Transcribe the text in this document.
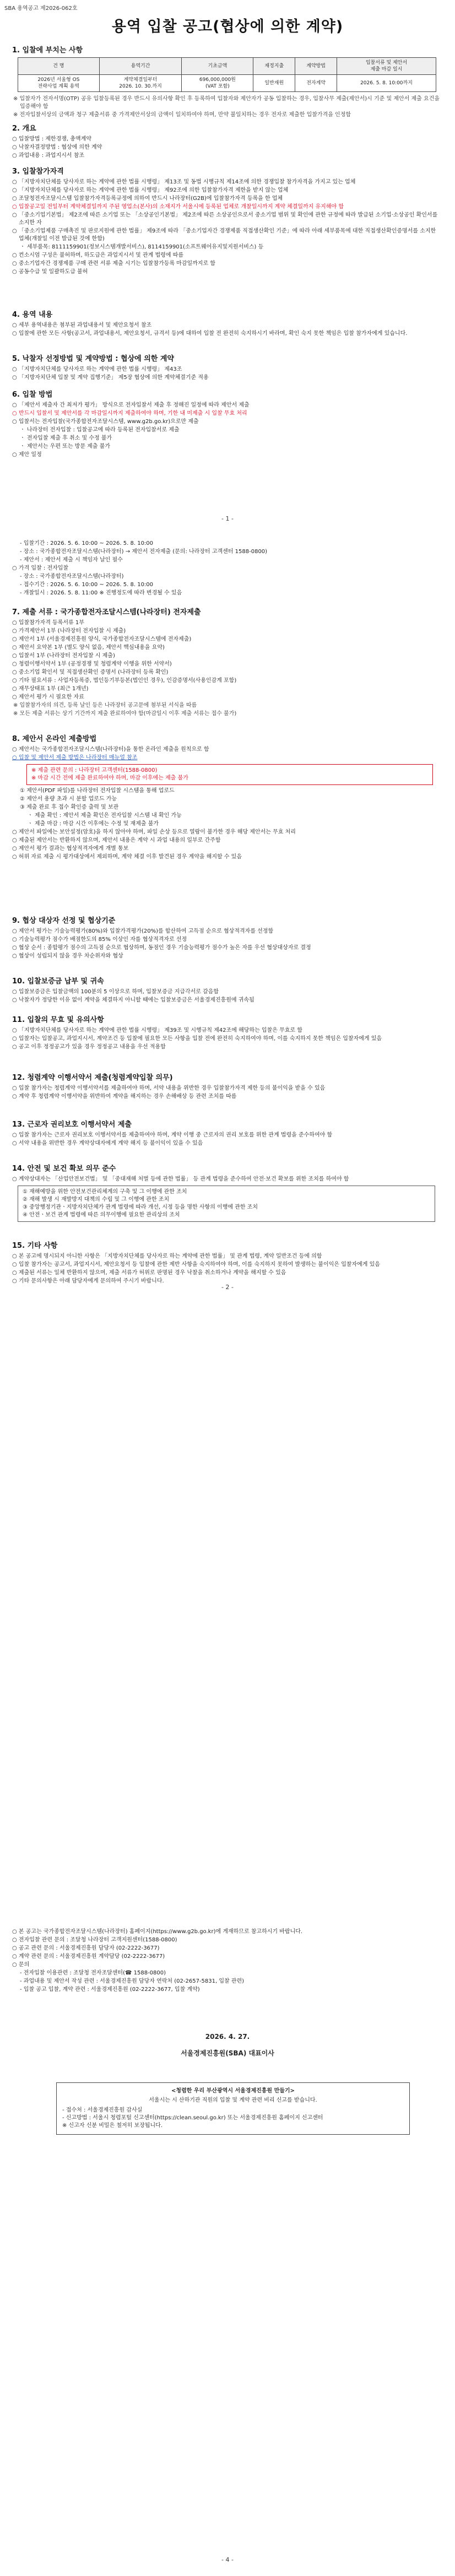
SBA 용역공고 제2026-062호
용역 입찰 공고(협상에 의한 계약)
1. 입찰에 부치는 사항
건 명	용역기간	기초금액	재정지출	계약방법	입찰서류 및 제안서
제출 마감 일시
2026년 서울형 OS
전략사업 계획 용역	계약체결일부터
2026. 10. 30.까지	696,000,000원
(VAT 포함)	일반재원	전자계약	2026. 5. 8. 10:00까지
※ 입찰자가 전자서명(OTP) 공유 입찰등록된 경우 반드시 유의사항 확인 후 등록하여 입찰자와 제안자가 공동 입찰하는 경우, 입찰사무 제출(제안서)시 기준 및 제안서 제출 요건을 입증해야 함
※ 전자입찰서상의 금액과 청구 제출서류 중 가격제안서상의 금액이 일치하여야 하며, 만약 불일치하는 경우 전자로 제출한 입찰가격을 인정함
2. 개요
○ 입찰방법 : 제한경쟁, 총액계약
○ 낙찰자결정방법 : 협상에 의한 계약
○ 과업내용 : 과업지시서 참조
3. 입찰참가자격
○ 「지방자치단체를 당사자로 하는 계약에 관한 법률 시행령」 제13조 및 동법 시행규칙 제14조에 의한 경쟁입찰 참가자격을 가지고 있는 업체
○ 「지방자치단체를 당사자로 하는 계약에 관한 법률 시행령」 제92조에 의한 입찰참가자격 제한을 받지 않는 업체
○ 조달청전자조달시스템 입찰참가자격등록규정에 의하여 반드시 나라장터(G2B)에 입찰참가자격 등록을 한 업체
○ 입찰공고일 전일부터 계약체결일까지 주된 영업소(본사)의 소재지가 서울시에 등록된 업체로 개찰일시까지 계약 체결일까지 유지해야 함
○ 「중소기업기본법」 제2조에 따른 소기업 또는 「소상공인기본법」 제2조에 따른 소상공인으로서 중소기업 범위 및 확인에 관한 규정에 따라 발급된 소기업·소상공인 확인서를 소지한 자
○ 「중소기업제품 구매촉진 및 판로지원에 관한 법률」 제9조에 따라 「중소기업자간 경쟁제품 직접생산확인 기준」에 따라 아래 세부품목에 대한 직접생산확인증명서를 소지한 업체(개찰일 이전 발급된 것에 한함)
ㆍ 세부품목: 8111159901(정보시스템개발서비스), 8114159901(소프트웨어유지및지원서비스) 등
○ 컨소시엄 구성은 불허하며, 하도급은 과업지시서 및 관계 법령에 따름
○ 중소기업자간 경쟁제품 구매 관련 서류 제출 시기는 입찰참가등록 마감일까지로 함
○ 공동수급 및 일괄하도급 불허
4. 용역 내용
○ 세부 용역내용은 첨부된 과업내용서 및 제안요청서 참조
○ 입찰에 관한 모든 사항(공고서, 과업내용서, 제안요청서, 규격서 등)에 대하여 입찰 전 완전히 숙지하시기 바라며, 확인 숙지 못한 책임은 입찰 참가자에게 있습니다.
5. 낙찰자 선정방법 및 계약방법 : 협상에 의한 계약
○ 「지방자치단체를 당사자로 하는 계약에 관한 법률 시행령」 제43조
○ 「지방자치단체 입찰 및 계약 집행기준」 제5장 협상에 의한 계약체결기준 적용
6. 입찰 방법
○ 「제안서 제출자 간 최저가 평가」 방식으로 전자입찰서 제출 후 정해진 일정에 따라 제안서 제출
○ 반드시 입찰서 및 제안서를 각 마감일시까지 제출하여야 하며, 기한 내 미제출 시 입찰 무효 처리
○ 입찰서는 전자입찰(국가종합전자조달시스템, www.g2b.go.kr)으로만 제출
ㆍ 나라장터 전자입찰 : 입찰공고에 따라 등록된 전자입찰서로 제출
ㆍ 전자입찰 제출 후 취소 및 수정 불가
ㆍ 제안서는 우편 또는 방문 제출 불가
○ 제안 일정
- 1 -
- 입찰기간 : 2026. 5. 6. 10:00 ~ 2026. 5. 8. 10:00
- 장소 : 국가종합전자조달시스템(나라장터) → 제안서 전자제출 (문의: 나라장터 고객센터 1588-0800)
- 제안서 : 제안서 제출 시 책임자 날인 필수
○ 가격 입찰 : 전자입찰
- 장소 : 국가종합전자조달시스템(나라장터)
- 접수기간 : 2026. 5. 6. 10:00 ~ 2026. 5. 8. 10:00
- 개찰일시 : 2026. 5. 8. 11:00 ※ 진행정도에 따라 변경될 수 있음
7. 제출 서류 : 국가종합전자조달시스템(나라장터) 전자제출
○ 입찰참가자격 등록서류 1부
○ 가격제안서 1부 (나라장터 전자입찰 시 제출)
○ 제안서 1부 (서울경제진흥원 양식, 국가종합전자조달시스템에 전자제출)
○ 제안서 요약본 1부 (별도 양식 없음, 제안서 핵심내용을 요약)
○ 입찰서 1부 (나라장터 전자입찰 시 제출)
○ 청렴이행서약서 1부 (공정경쟁 및 청렴계약 이행을 위한 서약서)
○ 중소기업 확인서 및 직접생산확인 증명서 (나라장터 등록 확인)
○ 기타 필요서류 : 사업자등록증, 법인등기부등본(법인인 경우), 인감증명서(사용인감계 포함)
○ 재무상태표 1부 (최근 1개년)
○ 제안서 평가 시 필요한 자료
※ 입찰참가자의 의견, 등록 날인 등은 나라장터 공고문에 첨부된 서식을 따름
※ 모든 제출 서류는 상기 기간까지 제출 완료하여야 함(마감일시 이후 제출 서류는 접수 불가)
8. 제안서 온라인 제출방법
○ 제안서는 국가종합전자조달시스템(나라장터)을 통한 온라인 제출을 원칙으로 함
○ 입찰 및 제안서 제출 방법은 나라장터 매뉴얼 참조
※ 제출 관련 문의 : 나라장터 고객센터(1588-0800)
※ 마감 시간 전에 제출 완료하여야 하며, 마감 이후에는 제출 불가
① 제안서(PDF 파일)를 나라장터 전자입찰 시스템을 통해 업로드
② 제안서 용량 초과 시 분할 업로드 가능
③ 제출 완료 후 접수 확인증 출력 및 보관
ㆍ 제출 확인 : 제안서 제출 확인은 전자입찰 시스템 내 확인 가능
ㆍ 제출 마감 : 마감 시간 이후에는 수정 및 재제출 불가
○ 제안서 파일에는 보안설정(암호)을 하지 않아야 하며, 파일 손상 등으로 열람이 불가한 경우 해당 제안서는 무효 처리
○ 제출된 제안서는 반환하지 않으며, 제안서 내용은 계약 시 과업 내용의 일부로 간주함
○ 제안서 평가 결과는 협상적격자에게 개별 통보
○ 허위 자료 제출 시 평가대상에서 제외하며, 계약 체결 이후 발견된 경우 계약을 해지할 수 있음
9. 협상 대상자 선정 및 협상기준
○ 제안서 평가는 기술능력평가(80%)와 입찰가격평가(20%)를 합산하여 고득점 순으로 협상적격자를 선정함
○ 기술능력평가 점수가 배점한도의 85% 이상인 자를 협상적격자로 선정
○ 협상 순서 : 종합평가 점수의 고득점 순으로 협상하며, 동점인 경우 기술능력평가 점수가 높은 자를 우선 협상대상자로 결정
○ 협상이 성립되지 않을 경우 차순위자와 협상
10. 입찰보증금 납부 및 귀속
○ 입찰보증금은 입찰금액의 100분의 5 이상으로 하며, 입찰보증금 지급각서로 갈음함
○ 낙찰자가 정당한 이유 없이 계약을 체결하지 아니할 때에는 입찰보증금은 서울경제진흥원에 귀속됨
11. 입찰의 무효 및 유의사항
○ 「지방자치단체를 당사자로 하는 계약에 관한 법률 시행령」 제39조 및 시행규칙 제42조에 해당하는 입찰은 무효로 함
○ 입찰자는 입찰공고, 과업지시서, 계약조건 등 입찰에 필요한 모든 사항을 입찰 전에 완전히 숙지하여야 하며, 이를 숙지하지 못한 책임은 입찰자에게 있음
○ 공고 이후 정정공고가 있을 경우 정정공고 내용을 우선 적용함
12. 청렴계약 이행서약서 제출(청렴계약입찰 의무)
○ 입찰 참가자는 청렴계약 이행서약서를 제출하여야 하며, 서약 내용을 위반한 경우 입찰참가자격 제한 등의 불이익을 받을 수 있음
○ 계약 후 청렴계약 이행서약을 위반하여 계약을 해지하는 경우 손해배상 등 관련 조치를 따름
13. 근로자 권리보호 이행서약서 제출
○ 입찰 참가자는 근로자 권리보호 이행서약서를 제출하여야 하며, 계약 이행 중 근로자의 권리 보호를 위한 관계 법령을 준수하여야 함
○ 서약 내용을 위반한 경우 계약상대자에게 계약 해지 등 불이익이 있을 수 있음
14. 안전 및 보건 확보 의무 준수
○ 계약상대자는 「산업안전보건법」 및 「중대재해 처벌 등에 관한 법률」 등 관계 법령을 준수하여 안전·보건 확보를 위한 조치를 하여야 함
① 재해예방을 위한 안전보건관리체계의 구축 및 그 이행에 관한 조치
② 재해 발생 시 재발방지 대책의 수립 및 그 이행에 관한 조치
③ 중앙행정기관ㆍ지방자치단체가 관계 법령에 따라 개선, 시정 등을 명한 사항의 이행에 관한 조치
④ 안전ㆍ보건 관계 법령에 따른 의무이행에 필요한 관리상의 조치
15. 기타 사항
○ 본 공고에 명시되지 아니한 사항은 「지방자치단체를 당사자로 하는 계약에 관한 법률」 및 관계 법령, 계약 일반조건 등에 의함
○ 입찰 참가자는 공고서, 과업지시서, 제안요청서 등 입찰에 관한 제반 사항을 숙지하여야 하며, 이를 숙지하지 못하여 발생하는 불이익은 입찰자에게 있음
○ 제출된 서류는 일체 반환하지 않으며, 제출 서류가 허위로 판명된 경우 낙찰을 취소하거나 계약을 해지할 수 있음
○ 기타 문의사항은 아래 담당자에게 문의하여 주시기 바랍니다.
- 2 -
○ 본 공고는 국가종합전자조달시스템(나라장터) 홈페이지(https://www.g2b.go.kr)에 게재하므로 참고하시기 바랍니다.
○ 전자입찰 관련 문의 : 조달청 나라장터 고객지원센터(1588-0800)
○ 공고 관련 문의 : 서울경제진흥원 담당자 (02-2222-3677)
○ 계약 관련 문의 : 서울경제진흥원 계약담당 (02-2222-3677)
○ 문의
- 전자입찰 이용관련 : 조달청 전자조달센터(☎ 1588-0800)
- 과업내용 및 제안서 작성 관련 : 서울경제진흥원 담당자 연락처 (02-2657-5831, 입찰 관련)
- 입찰 공고 입찰, 계약 관련 : 서울경제진흥원 (02-2222-3677, 입찰 계약)
2026. 4. 27.
서울경제진흥원(SBA) 대표이사
<청렴한 우리 부산광역시 서울경제진흥원 만들기>
서울시는 시 산하기관 직원의 입찰 및 계약 관련 비리 신고를 받습니다.
- 접수처 : 서울경제진흥원 감사실
- 신고방법 : 서울시 청렴포털 신고센터(https://clean.seoul.go.kr) 또는 서울경제진흥원 홈페이지 신고센터
※ 신고자 신분 비밀은 철저히 보장됩니다.
- 4 -
